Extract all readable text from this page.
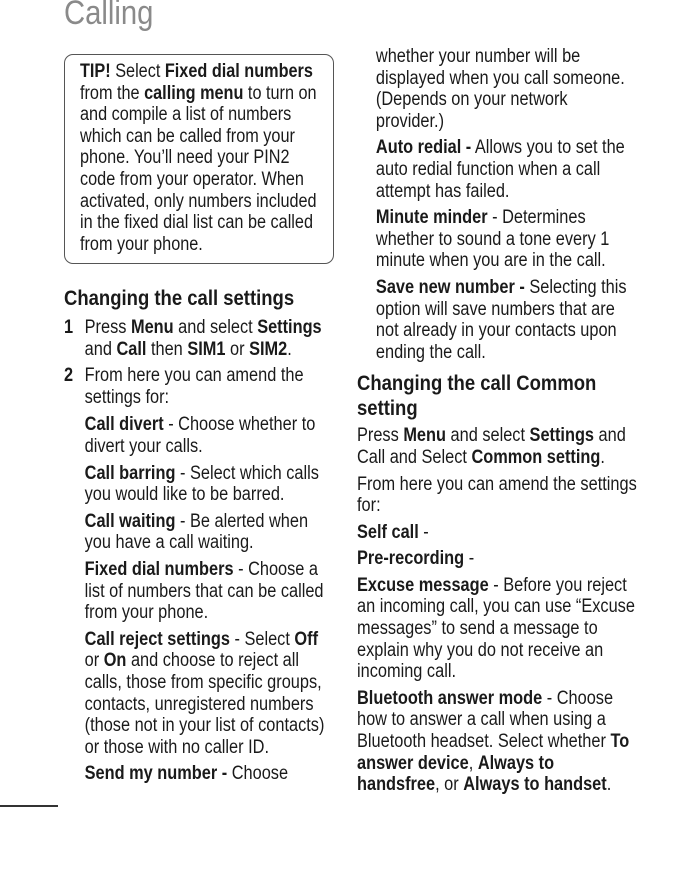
Calling
TIP! Select Fixed dial numbers from the calling menu to turn on and compile a list of numbers which can be called from your phone. You’ll need your PIN2 code from your operator. When activated, only numbers included in the fixed dial list can be called from your phone.
Changing the call settings
1 Press Menu and select Settings and Call then SIM1 or SIM2.
2 From here you can amend the settings for:
Call divert - Choose whether to divert your calls.
Call barring - Select which calls you would like to be barred.
Call waiting - Be alerted when you have a call waiting.
Fixed dial numbers - Choose a list of numbers that can be called from your phone.
Call reject settings - Select Off or On and choose to reject all calls, those from specific groups, contacts, unregistered numbers (those not in your list of contacts) or those with no caller ID.
Send my number - Choose
whether your number will be displayed when you call someone. (Depends on your network provider.)
Auto redial - Allows you to set the auto redial function when a call attempt has failed.
Minute minder - Determines whether to sound a tone every 1 minute when you are in the call.
Save new number - Selecting this option will save numbers that are not already in your contacts upon ending the call.
Changing the call Common setting
Press Menu and select Settings and Call and Select Common setting.
From here you can amend the settings for:
Self call -
Pre-recording -
Excuse message - Before you reject an incoming call, you can use “Excuse messages” to send a message to explain why you do not receive an incoming call.
Bluetooth answer mode - Choose how to answer a call when using a Bluetooth headset. Select whether To answer device, Always to handsfree, or Always to handset.
